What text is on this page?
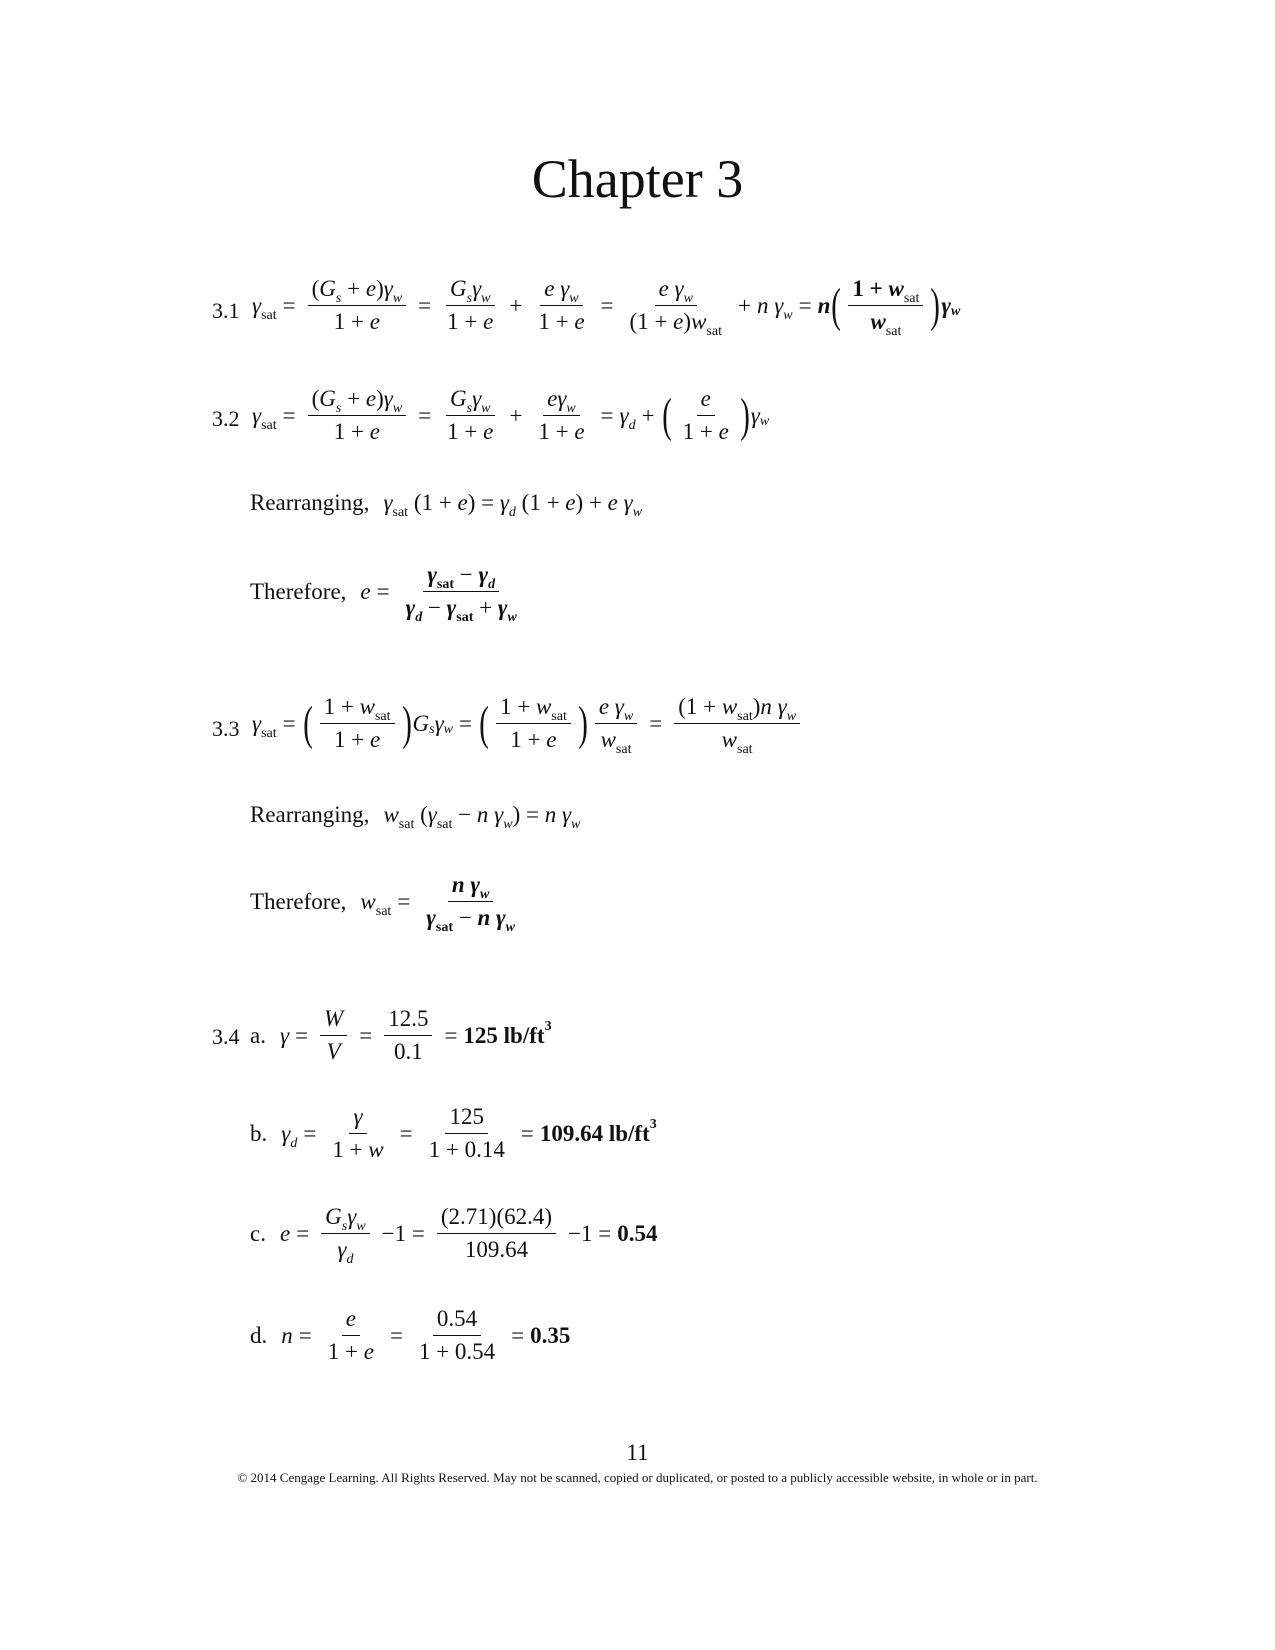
Chapter 3
3.1 $\gamma_{sat} = \frac{(G_s + e)\gamma_w}{1 + e} = \frac{G_s\gamma_w}{1 + e} + \frac{e \gamma_w}{1 + e} = \frac{e \gamma_w}{(1 + e)w_{sat}} + n$ $\gamma_w = n$ ( $\frac{1 + w_{sat}}{w_{sat}}$ ) γ w
3.2 $\gamma_{sat} = \frac{(G_s + e)\gamma_w}{1 + e} = \frac{G_s\gamma_w}{1 + e} + \frac{e\gamma_w}{1 + e} = \gamma_d$ + ( $\frac{e}{1 + e}$ ) γ w
Rearranging, $\gamma_{sat}$ $(1 + e) = \gamma_d$ (1 + e) + e $\gamma_w$
Therefore, $e = \frac{\gamma_{sat} - \gamma_d}{\gamma_d - \gamma_{sat} + \gamma_w}$
3.3 $\gamma_{sat}$ = ( $\frac{1 + w_{sat}}{1 + e}$ ) G s γ w = ( $\frac{1 + w_{sat}}{1 + e}$ ) $\frac{e \gamma_w}{w_{sat}} = \frac{(1 + w_{sat})n \gamma_w}{w_{sat}}$
Rearranging, $w_{sat}$ ($\gamma_{sat} - n$ $\gamma_w) = n$ $\gamma_w$
Therefore, $w_{sat} = \frac{n \gamma_w}{\gamma_{sat} - n \gamma_w}$
3.4 a. $\gamma = \frac{W}{V} = \frac{12.5}{0.1} = 125$ lb/ft 3
b. $\gamma_d = \frac{\gamma}{1 + w} = \frac{125}{1 + 0.14} = 109.64$ lb/ft 3
c. $e = \frac{G_s\gamma_w}{\gamma_d} -1 = \frac{(2.71)(62.4)}{109.64} -1 = 0.54$
d. $n = \frac{e}{1 + e} = \frac{0.54}{1 + 0.54} = 0.35$
11
© 2014 Cengage Learning. All Rights Reserved. May not be scanned, copied or duplicated, or posted to a publicly accessible website, in whole or in part.
